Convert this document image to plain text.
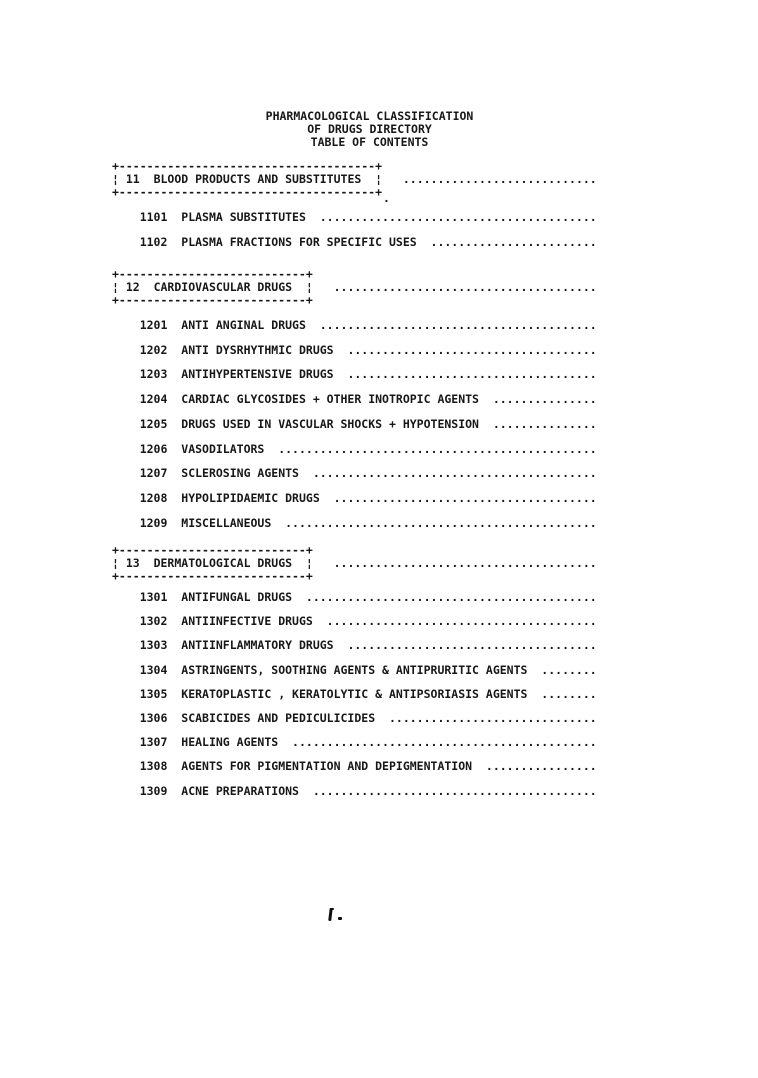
PHARMACOLOGICAL CLASSIFICATION
OF DRUGS DIRECTORY
TABLE OF CONTENTS
+-------------------------------------+
¦ 11 BLOOD PRODUCTS AND SUBSTITUTES  ¦   ............................
+-------------------------------------+
1101 PLASMA SUBSTITUTES  ........................................
1102 PLASMA FRACTIONS FOR SPECIFIC USES  ........................
+---------------------------+
¦ 12 CARDIOVASCULAR DRUGS  ¦   ......................................
+---------------------------+
1201 ANTI ANGINAL DRUGS  ........................................
1202 ANTI DYSRHYTHMIC DRUGS  ....................................
1203 ANTIHYPERTENSIVE DRUGS  ....................................
1204 CARDIAC GLYCOSIDES + OTHER INOTROPIC AGENTS  ...............
1205 DRUGS USED IN VASCULAR SHOCKS + HYPOTENSION  ...............
1206 VASODILATORS  ..............................................
1207 SCLEROSING AGENTS  .........................................
1208 HYPOLIPIDAEMIC DRUGS  ......................................
1209 MISCELLANEOUS  .............................................
+---------------------------+
¦ 13 DERMATOLOGICAL DRUGS  ¦   ......................................
+---------------------------+
1301 ANTIFUNGAL DRUGS  ..........................................
1302 ANTIINFECTIVE DRUGS  .......................................
1303 ANTIINFLAMMATORY DRUGS  ....................................
1304 ASTRINGENTS, SOOTHING AGENTS & ANTIPRURITIC AGENTS  ........
1305 KERATOPLASTIC , KERATOLYTIC & ANTIPSORIASIS AGENTS  ........
1306 SCABICIDES AND PEDICULICIDES  ..............................
1307 HEALING AGENTS  ............................................
1308 AGENTS FOR PIGMENTATION AND DEPIGMENTATION  ................
1309 ACNE PREPARATIONS  .........................................
.
